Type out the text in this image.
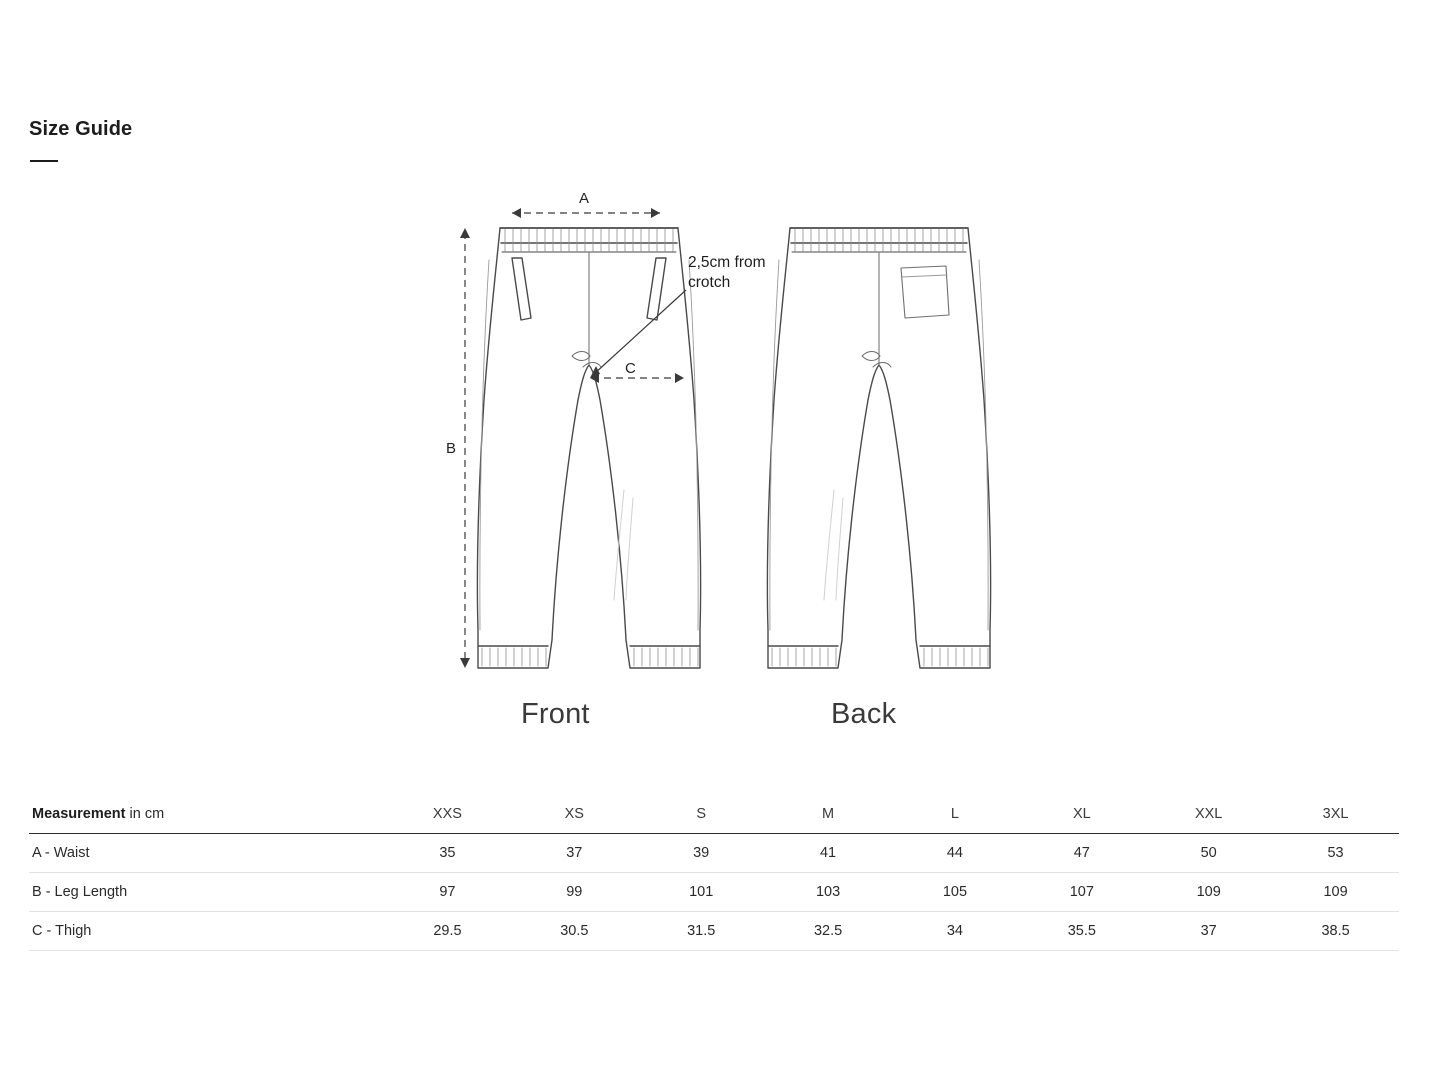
Size Guide
Front	Back
2,5cm from crotch
A
B
C
Measurement in cm	XXS	XS	S	M	L	XL	XXL	3XL
A - Waist	35	37	39	41	44	47	50	53
B - Leg Length	97	99	101	103	105	107	109	109
C - Thigh	29.5	30.5	31.5	32.5	34	35.5	37	38.5
